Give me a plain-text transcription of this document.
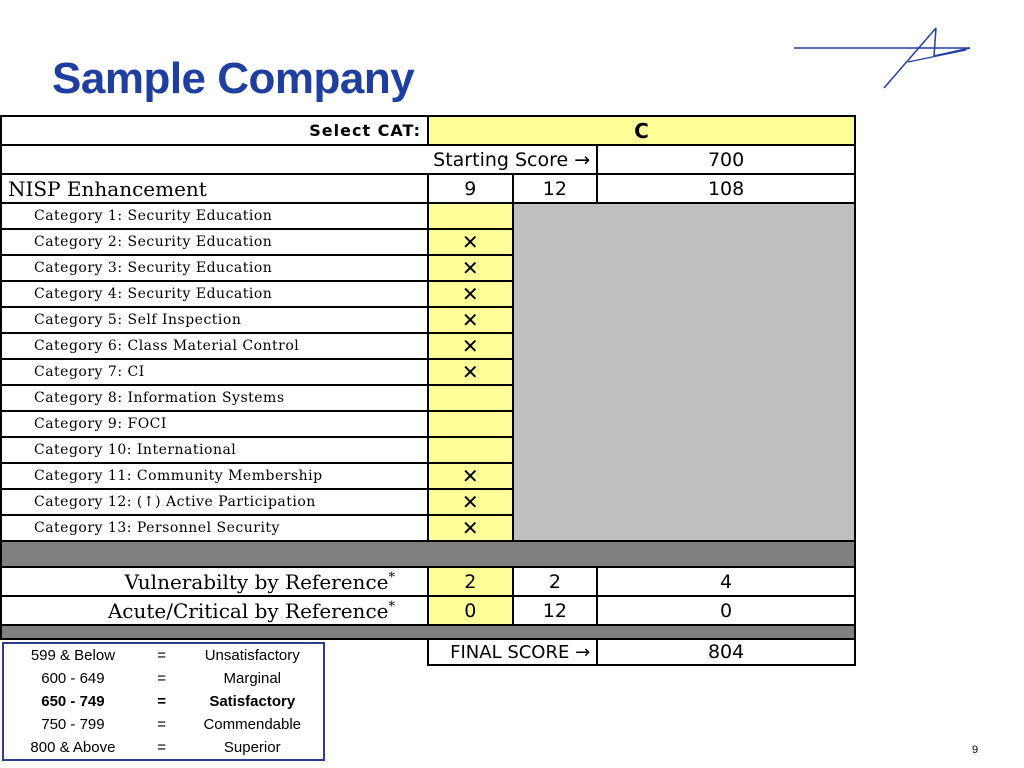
Sample Company
Select CAT:	C		
Starting Score →			700
NISP Enhancement	9	12	108
Category 1: Security Education			
Category 2: Security Education	✕		
Category 3: Security Education	✕		
Category 4: Security Education	✕		
Category 5: Self Inspection	✕		
Category 6: Class Material Control	✕		
Category 7: CI	✕		
Category 8: Information Systems			
Category 9: FOCI			
Category 10: International			
Category 11: Community Membership	✕		
Category 12: (↑) Active Participation	✕		
Category 13: Personnel Security	✕		

Vulnerabilty by Reference*	2	2	4
Acute/Critical by Reference*	0	12	0

	FINAL SCORE →		804
599 & Below	=	Unsatisfactory
600 - 649	=	Marginal
650 - 749	=	Satisfactory
750 - 799	=	Commendable
800 & Above	=	Superior	9
